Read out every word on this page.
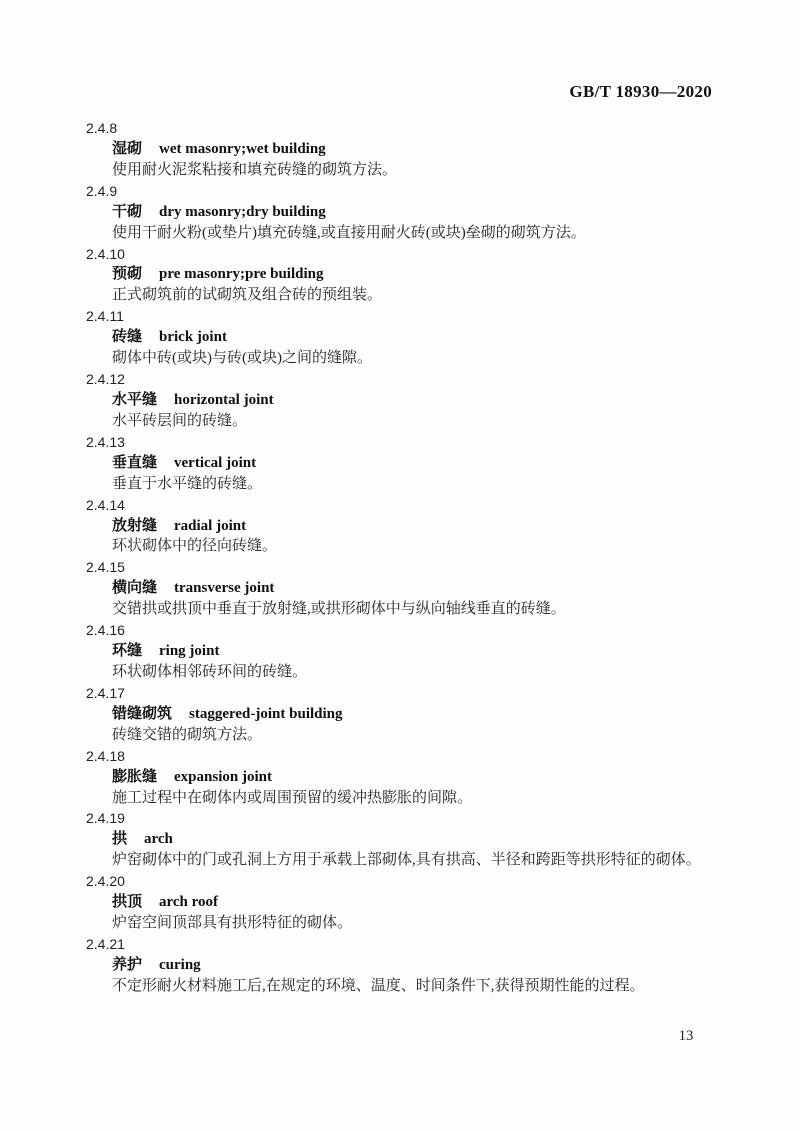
GB/T 18930—2020
2.4.8
湿砌 wet masonry;wet building
使用耐火泥浆粘接和填充砖缝的砌筑方法。
2.4.9
干砌 dry masonry;dry building
使用干耐火粉(或垫片)填充砖缝,或直接用耐火砖(或块)垒砌的砌筑方法。
2.4.10
预砌 pre masonry;pre building
正式砌筑前的试砌筑及组合砖的预组装。
2.4.11
砖缝 brick joint
砌体中砖(或块)与砖(或块)之间的缝隙。
2.4.12
水平缝 horizontal joint
水平砖层间的砖缝。
2.4.13
垂直缝 vertical joint
垂直于水平缝的砖缝。
2.4.14
放射缝 radial joint
环状砌体中的径向砖缝。
2.4.15
横向缝 transverse joint
交错拱或拱顶中垂直于放射缝,或拱形砌体中与纵向轴线垂直的砖缝。
2.4.16
环缝 ring joint
环状砌体相邻砖环间的砖缝。
2.4.17
错缝砌筑 staggered-joint building
砖缝交错的砌筑方法。
2.4.18
膨胀缝 expansion joint
施工过程中在砌体内或周围预留的缓冲热膨胀的间隙。
2.4.19
拱 arch
炉窑砌体中的门或孔洞上方用于承载上部砌体,具有拱高、半径和跨距等拱形特征的砌体。
2.4.20
拱顶 arch roof
炉窑空间顶部具有拱形特征的砌体。
2.4.21
养护 curing
不定形耐火材料施工后,在规定的环境、温度、时间条件下,获得预期性能的过程。
13
